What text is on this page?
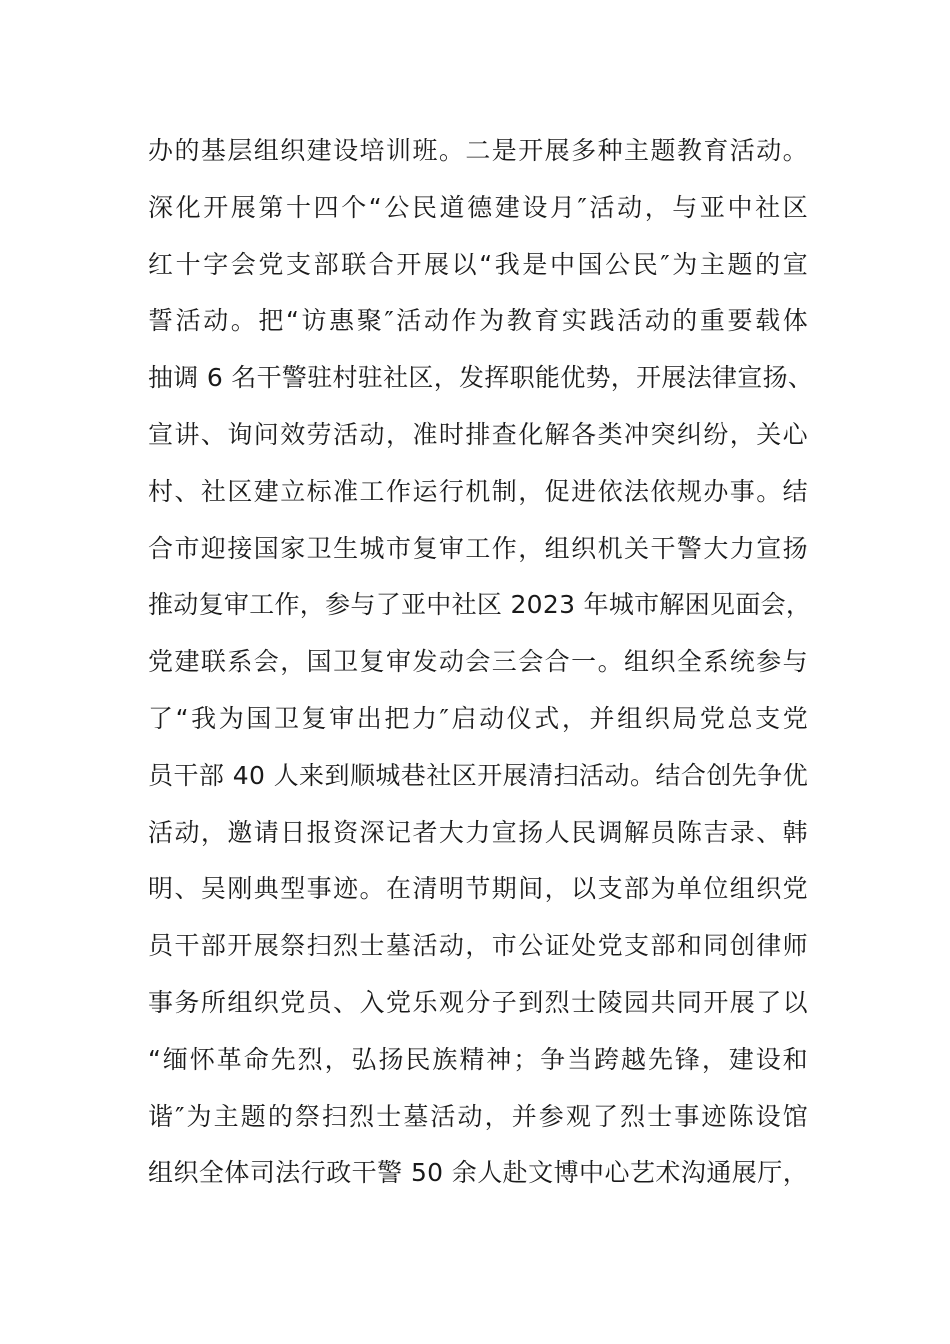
办的基层组织建设培训班。二是开展多种主题教育活动。
深化开展第十四个“公民道德建设月″活动，与亚中社区
红十字会党支部联合开展以“我是中国公民″为主题的宣
誓活动。把“访惠聚″活动作为教育实践活动的重要载体
抽调 6 名干警驻村驻社区，发挥职能优势，开展法律宣扬、
宣讲、询问效劳活动，准时排查化解各类冲突纠纷，关心
村、社区建立标准工作运行机制，促进依法依规办事。结
合市迎接国家卫生城市复审工作，组织机关干警大力宣扬
推动复审工作，参与了亚中社区 2023 年城市解困见面会，
党建联系会，国卫复审发动会三会合一。组织全系统参与
了“我为国卫复审出把力″启动仪式，并组织局党总支党
员干部 40 人来到顺城巷社区开展清扫活动。结合创先争优
活动，邀请日报资深记者大力宣扬人民调解员陈吉录、韩
明、吴刚典型事迹。在清明节期间，以支部为单位组织党
员干部开展祭扫烈士墓活动，市公证处党支部和同创律师
事务所组织党员、入党乐观分子到烈士陵园共同开展了以
“缅怀革命先烈，弘扬民族精神；争当跨越先锋，建设和
谐″为主题的祭扫烈士墓活动，并参观了烈士事迹陈设馆
组织全体司法行政干警 50 余人赴文博中心艺术沟通展厅，
